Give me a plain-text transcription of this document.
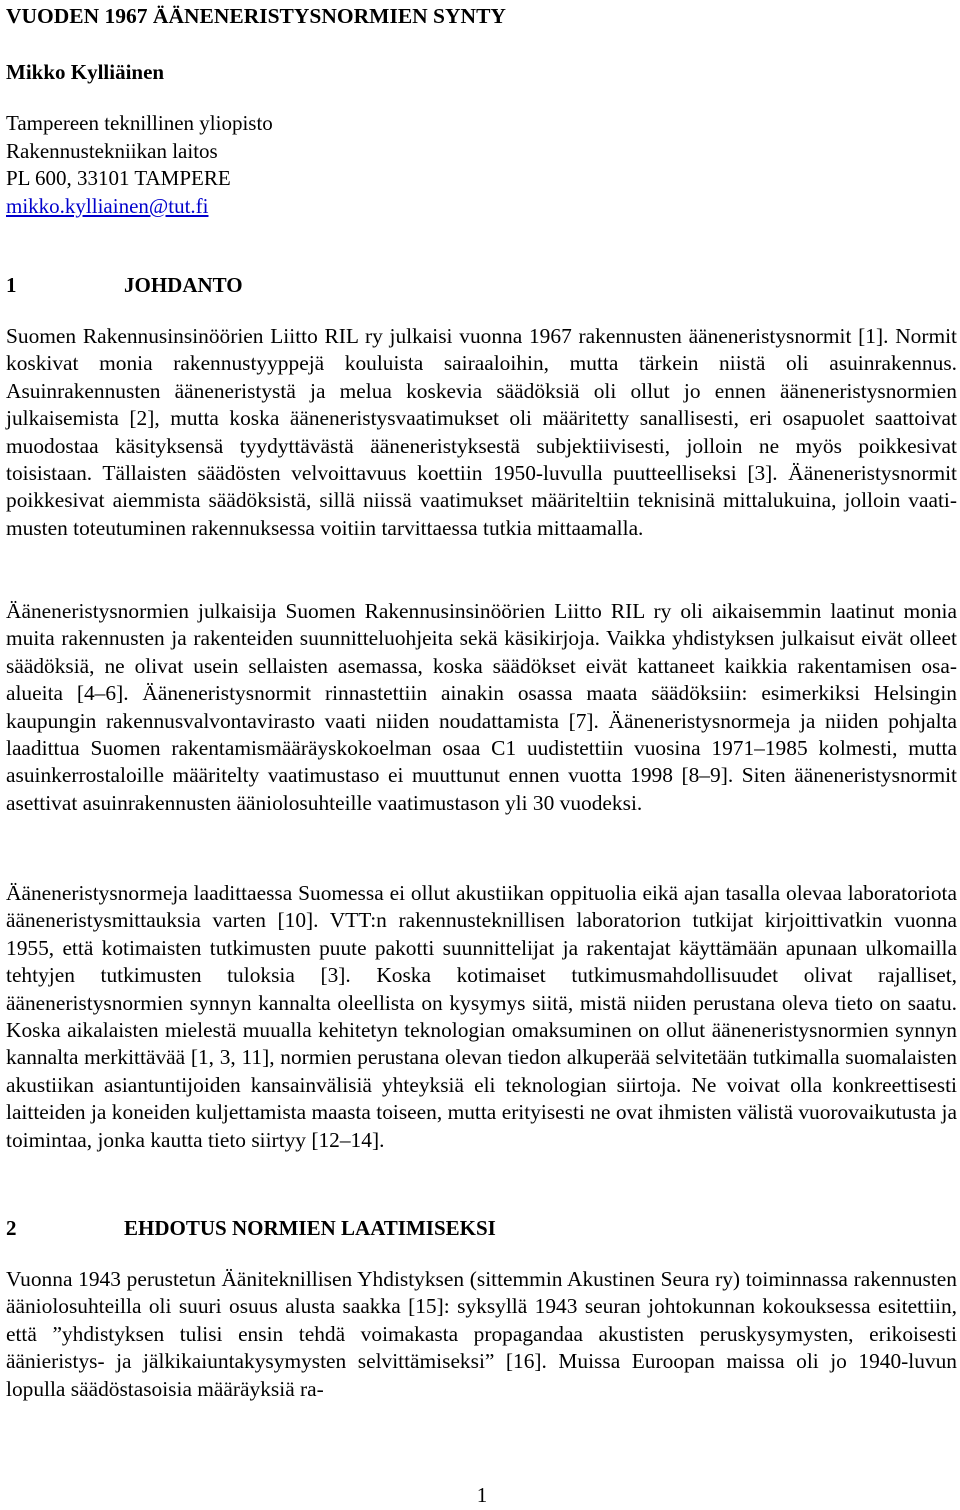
VUODEN 1967 ÄÄNENERISTYSNORMIEN SYNTY
Mikko Kylliäinen
Tampereen teknillinen yliopisto
Rakennustekniikan laitos
PL 600, 33101 TAMPERE
mikko.kylliainen@tut.fi
1	JOHDANTO

Suomen Rakennusinsinöörien Liitto RIL ry julkaisi vuonna 1967 rakennusten ääneneristysnormit [1]. Normit koskivat monia rakennustyyppejä kouluista sairaaloihin, mutta tärkein niistä oli asuinrakennus. Asuinrakennusten ääneneristystä ja melua koskevia säädöksiä oli ollut jo ennen ääneneristysnormien julkaisemista [2], mutta koska ääneneristysvaatimukset oli määritetty sanallisesti, eri osapuolet saattoivat muodostaa käsityksensä tyydyttävästä ääneneristyksestä subjektiivisesti, jolloin ne myös poikkesivat toisistaan. Tällaisten säädösten velvoittavuus koettiin 1950-luvulla puutteelliseksi [3]. Ääneneristysnormit poikkesivat aiemmista säädöksistä, sillä niissä vaatimukset määriteltiin teknisinä mittalukuina, jolloin vaatimusten toteutuminen rakennuksessa voitiin tarvittaessa tutkia mittaamalla.

Ääneneristysnormien julkaisija Suomen Rakennusinsinöörien Liitto RIL ry oli aikaisemmin laatinut monia muita rakennusten ja rakenteiden suunnitteluohjeita sekä käsikirjoja. Vaikka yhdistyksen julkaisut eivät olleet säädöksiä, ne olivat usein sellaisten asemassa, koska säädökset eivät kattaneet kaikkia rakentamisen osa-alueita [4–6]. Ääneneristysnormit rinnastettiin ainakin osassa maata säädöksiin: esimerkiksi Helsingin kaupungin rakennusvalvontavirasto vaati niiden noudattamista [7]. Ääneneristysnormeja ja niiden pohjalta laadittua Suomen rakentamismääräyskokoelman osaa C1 uudistettiin vuosina 1971–1985 kolmesti, mutta asuinkerrostaloille määritelty vaatimustaso ei muuttunut ennen vuotta 1998 [8–9]. Siten ääneneristysnormit asettivat asuinrakennusten ääniolosuhteille vaatimustason yli 30 vuodeksi.

Ääneneristysnormeja laadittaessa Suomessa ei ollut akustiikan oppituolia eikä ajan tasalla olevaa laboratoriota ääneneristysmittauksia varten [10]. VTT:n rakennusteknillisen laboratorion tutkijat kirjoittivatkin vuonna 1955, että kotimaisten tutkimusten puute pakotti suunnittelijat ja rakentajat käyttämään apunaan ulkomailla tehtyjen tutkimusten tuloksia [3]. Koska kotimaiset tutkimusmahdollisuudet olivat rajalliset, ääneneristysnormien synnyn kannalta oleellista on kysymys siitä, mistä niiden perustana oleva tieto on saatu. Koska aikalaisten mielestä muualla kehitetyn teknologian omaksuminen on ollut ääneneristysnormien synnyn kannalta merkittävää [1, 3, 11], normien perustana olevan tiedon alkuperää selvitetään tutkimalla suomalaisten akustiikan asiantuntijoiden kansainvälisiä yhteyksiä eli teknologian siirtoja. Ne voivat olla konkreettisesti laitteiden ja koneiden kuljettamista maasta toiseen, mutta erityisesti ne ovat ihmisten välistä vuorovaikutusta ja toimintaa, jonka kautta tieto siirtyy [12–14].

2	EHDOTUS NORMIEN LAATIMISEKSI

Vuonna 1943 perustetun Ääniteknillisen Yhdistyksen (sittemmin Akustinen Seura ry) toiminnassa rakennusten ääniolosuhteilla oli suuri osuus alusta saakka [15]: syksyllä 1943 seuran johtokunnan kokouksessa esitettiin, että ”yhdistyksen tulisi ensin tehdä voimakasta propagandaa akustisten peruskysymysten, erikoisesti äänieristys- ja jälkikaiuntakysymysten selvittämiseksi” [16]. Muissa Euroopan maissa oli jo 1940-luvun lopulla säädöstasoisia määräyksiä ra-

1
